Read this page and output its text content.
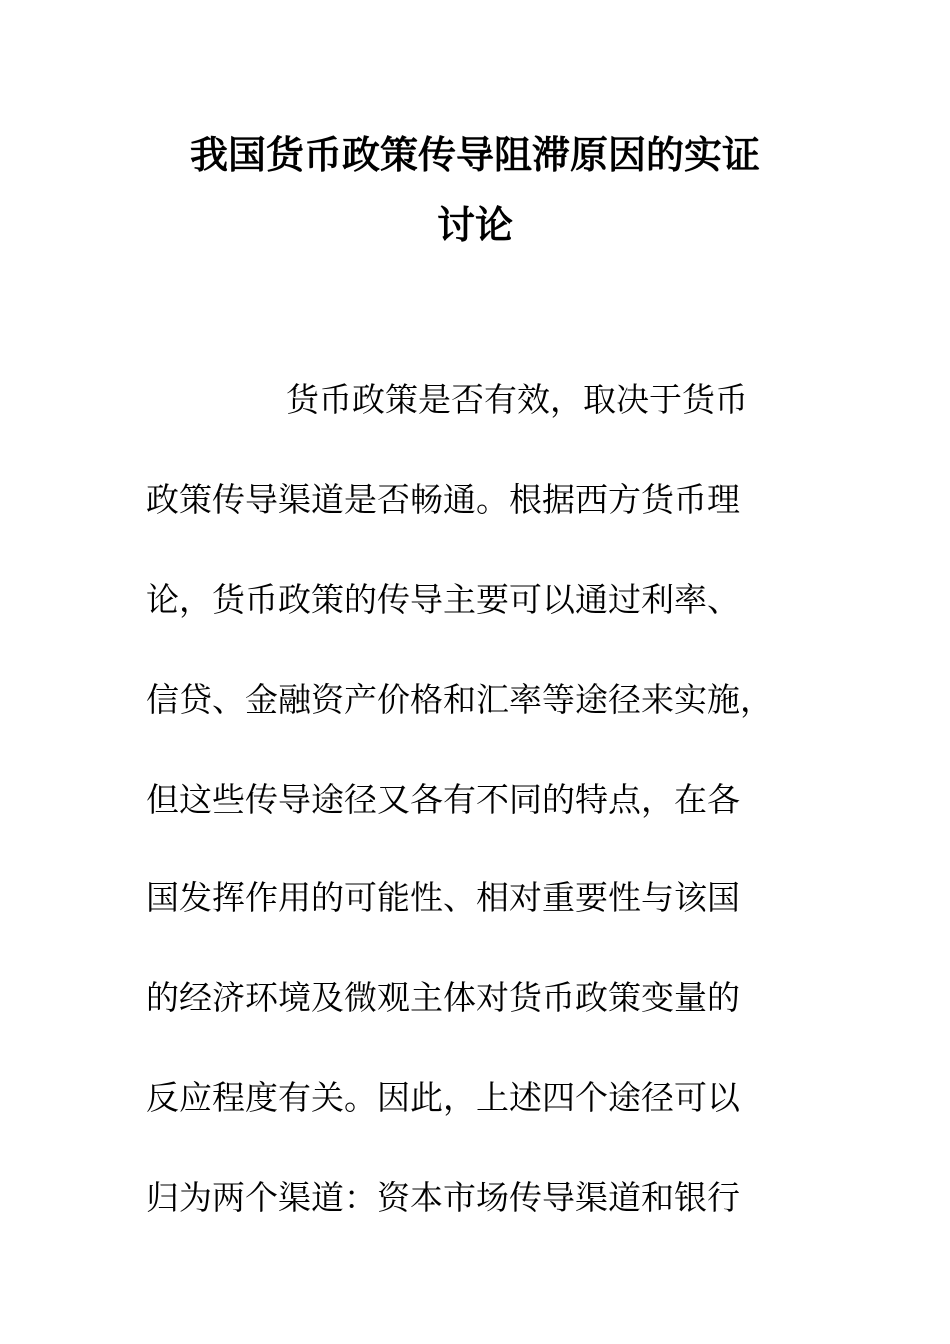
我国货币政策传导阻滞原因的实证
讨论
货币政策是否有效，取决于货币
政策传导渠道是否畅通。根据西方货币理
论，货币政策的传导主要可以通过利率、
信贷、金融资产价格和汇率等途径来实施，
但这些传导途径又各有不同的特点，在各
国发挥作用的可能性、相对重要性与该国
的经济环境及微观主体对货币政策变量的
反应程度有关。因此，上述四个途径可以
归为两个渠道：资本市场传导渠道和银行
